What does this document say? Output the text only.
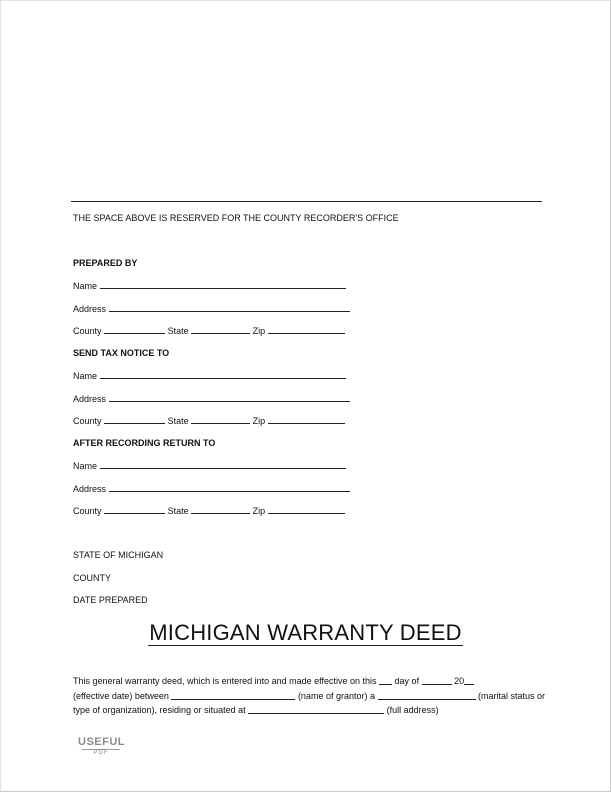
THE SPACE ABOVE IS RESERVED FOR THE COUNTY RECORDER'S OFFICE
PREPARED BY
Name
Address
County	State	Zip
SEND TAX NOTICE TO
Name
Address
County	State	Zip
AFTER RECORDING RETURN TO
Name
Address
County	State	Zip
STATE OF MICHIGAN
COUNTY
DATE PREPARED
MICHIGAN WARRANTY DEED
This general warranty deed, which is entered into and made effective on this day of	20
(effective date) between	(name of grantor) a	(marital status or type of organization), residing or situated at	(full address)
USEFUL
PDF
